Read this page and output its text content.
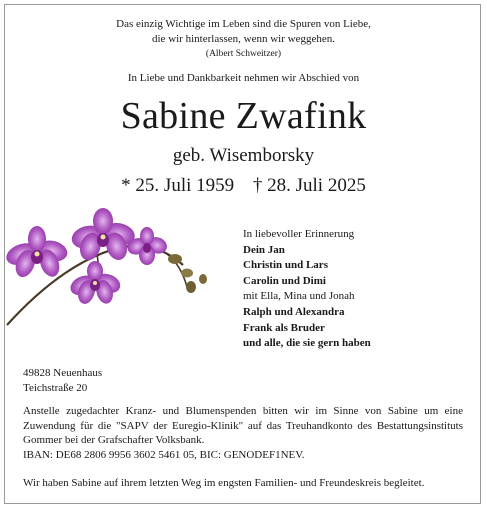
Das einzig Wichtige im Leben sind die Spuren von Liebe,
die wir hinterlassen, wenn wir weggehen.
(Albert Schweitzer)
In Liebe und Dankbarkeit nehmen wir Abschied von
Sabine Zwafink
geb. Wisemborsky
* 25. Juli 1959 † 28. Juli 2025
In liebevoller Erinnerung
Dein Jan
Christin und Lars
Carolin und Dimi
mit Ella, Mina und Jonah
Ralph und Alexandra
Frank als Bruder
und alle, die sie gern haben
49828 Neuenhaus
Teichstraße 20
Anstelle zugedachter Kranz- und Blumenspenden bitten wir im Sinne von Sabine um eine Zuwendung für die "SAPV der Euregio-Klinik" auf das Treuhandkonto des Bestattungsinstituts Gommer bei der Grafschafter Volksbank.
IBAN: DE68 2806 9956 3602 5461 05, BIC: GENODEF1NEV.
Wir haben Sabine auf ihrem letzten Weg im engsten Familien- und Freundeskreis begleitet.
